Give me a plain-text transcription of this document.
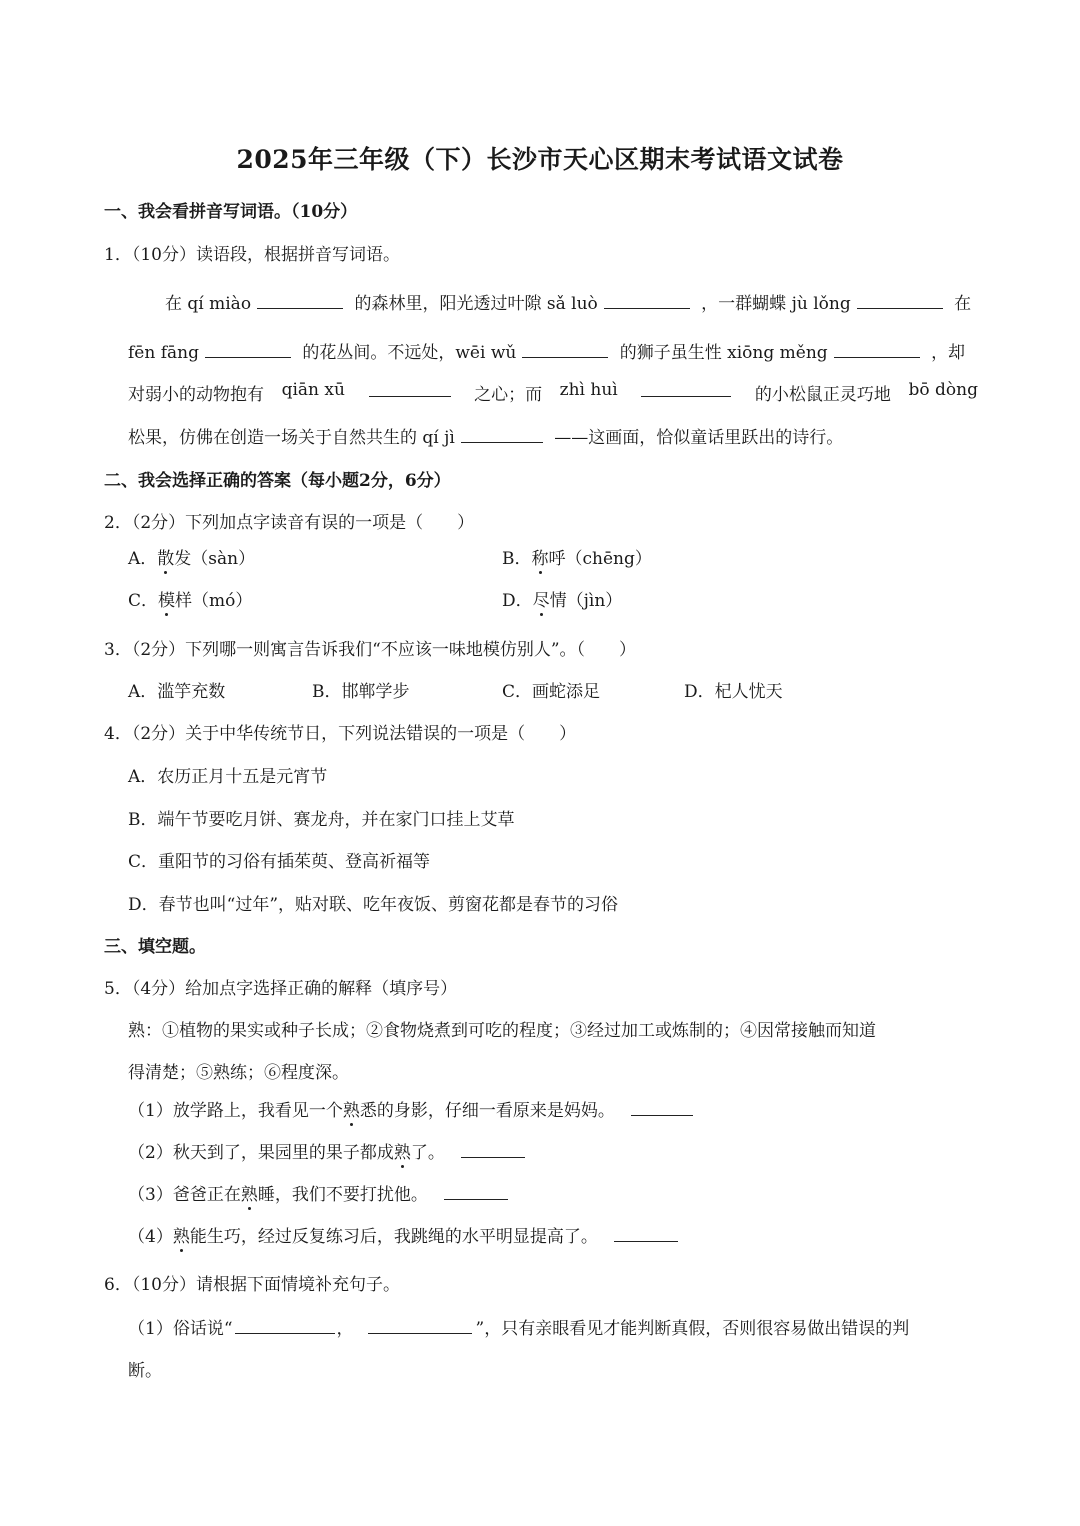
2025年三年级（下）长沙市天心区期末考试语文试卷
一、我会看拼音写词语。（10分）
1．（10分）读语段，根据拼音写词语。
在 qí miào	的森林里，阳光透过叶隙 sǎ luò	，一群蝴蝶 jù lǒng	在
fēn fāng	的花丛间。不远处，wēi wǔ	的狮子虽生性 xiōng měng	，却
对弱小的动物抱有 qiān xū	之心；而 zhì huì	的小松鼠正灵巧地 bō dòng
松果，仿佛在创造一场关于自然共生的 qí jì	——这画面，恰似童话里跃出的诗行。
二、我会选择正确的答案（每小题2分，6分）
2．（2分）下列加点字读音有误的一项是（　　）
A．散发（sàn）	B．称呼（chēng）
C．模样（mó）	D．尽情（jìn）
3．（2分）下列哪一则寓言告诉我们“不应该一味地模仿别人”。（　　）
A．滥竽充数	B．邯郸学步	C．画蛇添足	D．杞人忧天
4．（2分）关于中华传统节日，下列说法错误的一项是（　　）
A．农历正月十五是元宵节
B．端午节要吃月饼、赛龙舟，并在家门口挂上艾草
C．重阳节的习俗有插茱萸、登高祈福等
D．春节也叫“过年”，贴对联、吃年夜饭、剪窗花都是春节的习俗
三、填空题。
5．（4分）给加点字选择正确的解释（填序号）
熟：①植物的果实或种子长成；②食物烧煮到可吃的程度；③经过加工或炼制的；④因常接触而知道
得清楚；⑤熟练；⑥程度深。
（1）放学路上，我看见一个熟悉的身影，仔细一看原来是妈妈。
（2）秋天到了，果园里的果子都成熟了。
（3）爸爸正在熟睡，我们不要打扰他。
（4）熟能生巧，经过反复练习后，我跳绳的水平明显提高了。
6．（10分）请根据下面情境补充句子。
（1）俗话说“	，	”，只有亲眼看见才能判断真假，否则很容易做出错误的判
断。
